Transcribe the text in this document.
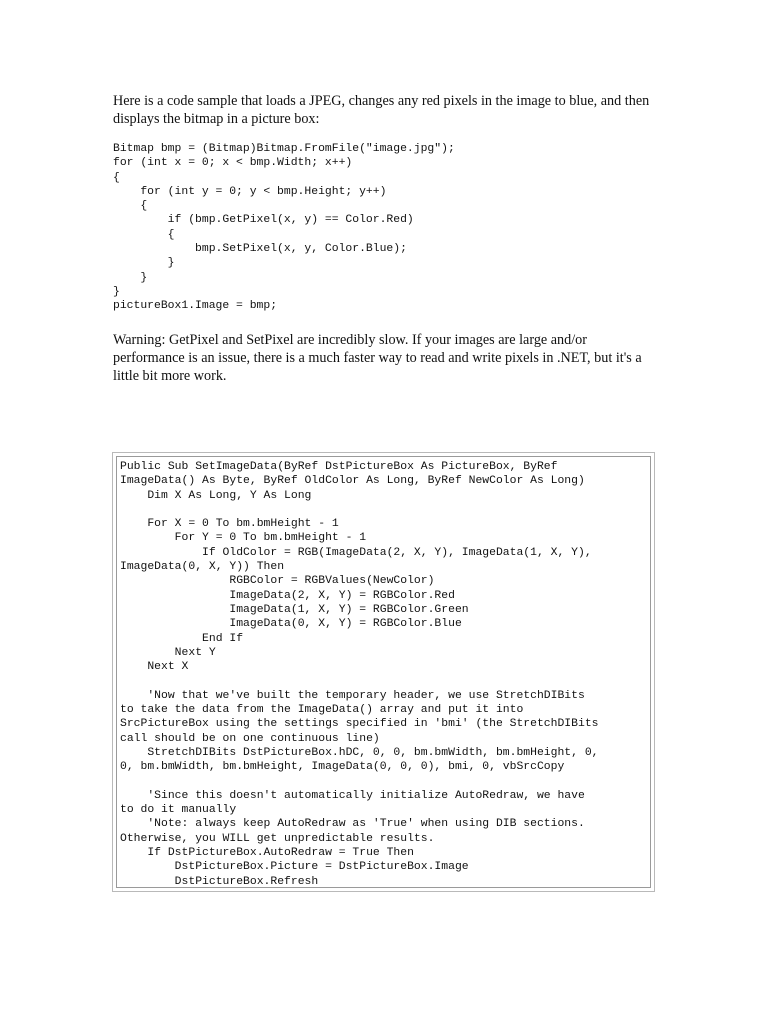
Here is a code sample that loads a JPEG, changes any red pixels in the image to blue, and then displays the bitmap in a picture box:

Bitmap bmp = (Bitmap)Bitmap.FromFile("image.jpg");
for (int x = 0; x < bmp.Width; x++)
{
for (int y = 0; y < bmp.Height; y++)
{
if (bmp.GetPixel(x, y) == Color.Red)
{
bmp.SetPixel(x, y, Color.Blue);
}
}
}
pictureBox1.Image = bmp;

Warning: GetPixel and SetPixel are incredibly slow. If your images are large and/or performance is an issue, there is a much faster way to read and write pixels in .NET, but it's a little bit more work.

Public Sub SetImageData(ByRef DstPictureBox As PictureBox, ByRef
ImageData() As Byte, ByRef OldColor As Long, ByRef NewColor As Long)
Dim X As Long, Y As Long

For X = 0 To bm.bmHeight - 1
For Y = 0 To bm.bmHeight - 1
If OldColor = RGB(ImageData(2, X, Y), ImageData(1, X, Y),
ImageData(0, X, Y)) Then
RGBColor = RGBValues(NewColor)
ImageData(2, X, Y) = RGBColor.Red
ImageData(1, X, Y) = RGBColor.Green
ImageData(0, X, Y) = RGBColor.Blue
End If
Next Y
Next X

'Now that we've built the temporary header, we use StretchDIBits
to take the data from the ImageData() array and put it into
SrcPictureBox using the settings specified in 'bmi' (the StretchDIBits
call should be on one continuous line)
StretchDIBits DstPictureBox.hDC, 0, 0, bm.bmWidth, bm.bmHeight, 0,
0, bm.bmWidth, bm.bmHeight, ImageData(0, 0, 0), bmi, 0, vbSrcCopy

'Since this doesn't automatically initialize AutoRedraw, we have
to do it manually
'Note: always keep AutoRedraw as 'True' when using DIB sections.
Otherwise, you WILL get unpredictable results.
If DstPictureBox.AutoRedraw = True Then
DstPictureBox.Picture = DstPictureBox.Image
DstPictureBox.Refresh
